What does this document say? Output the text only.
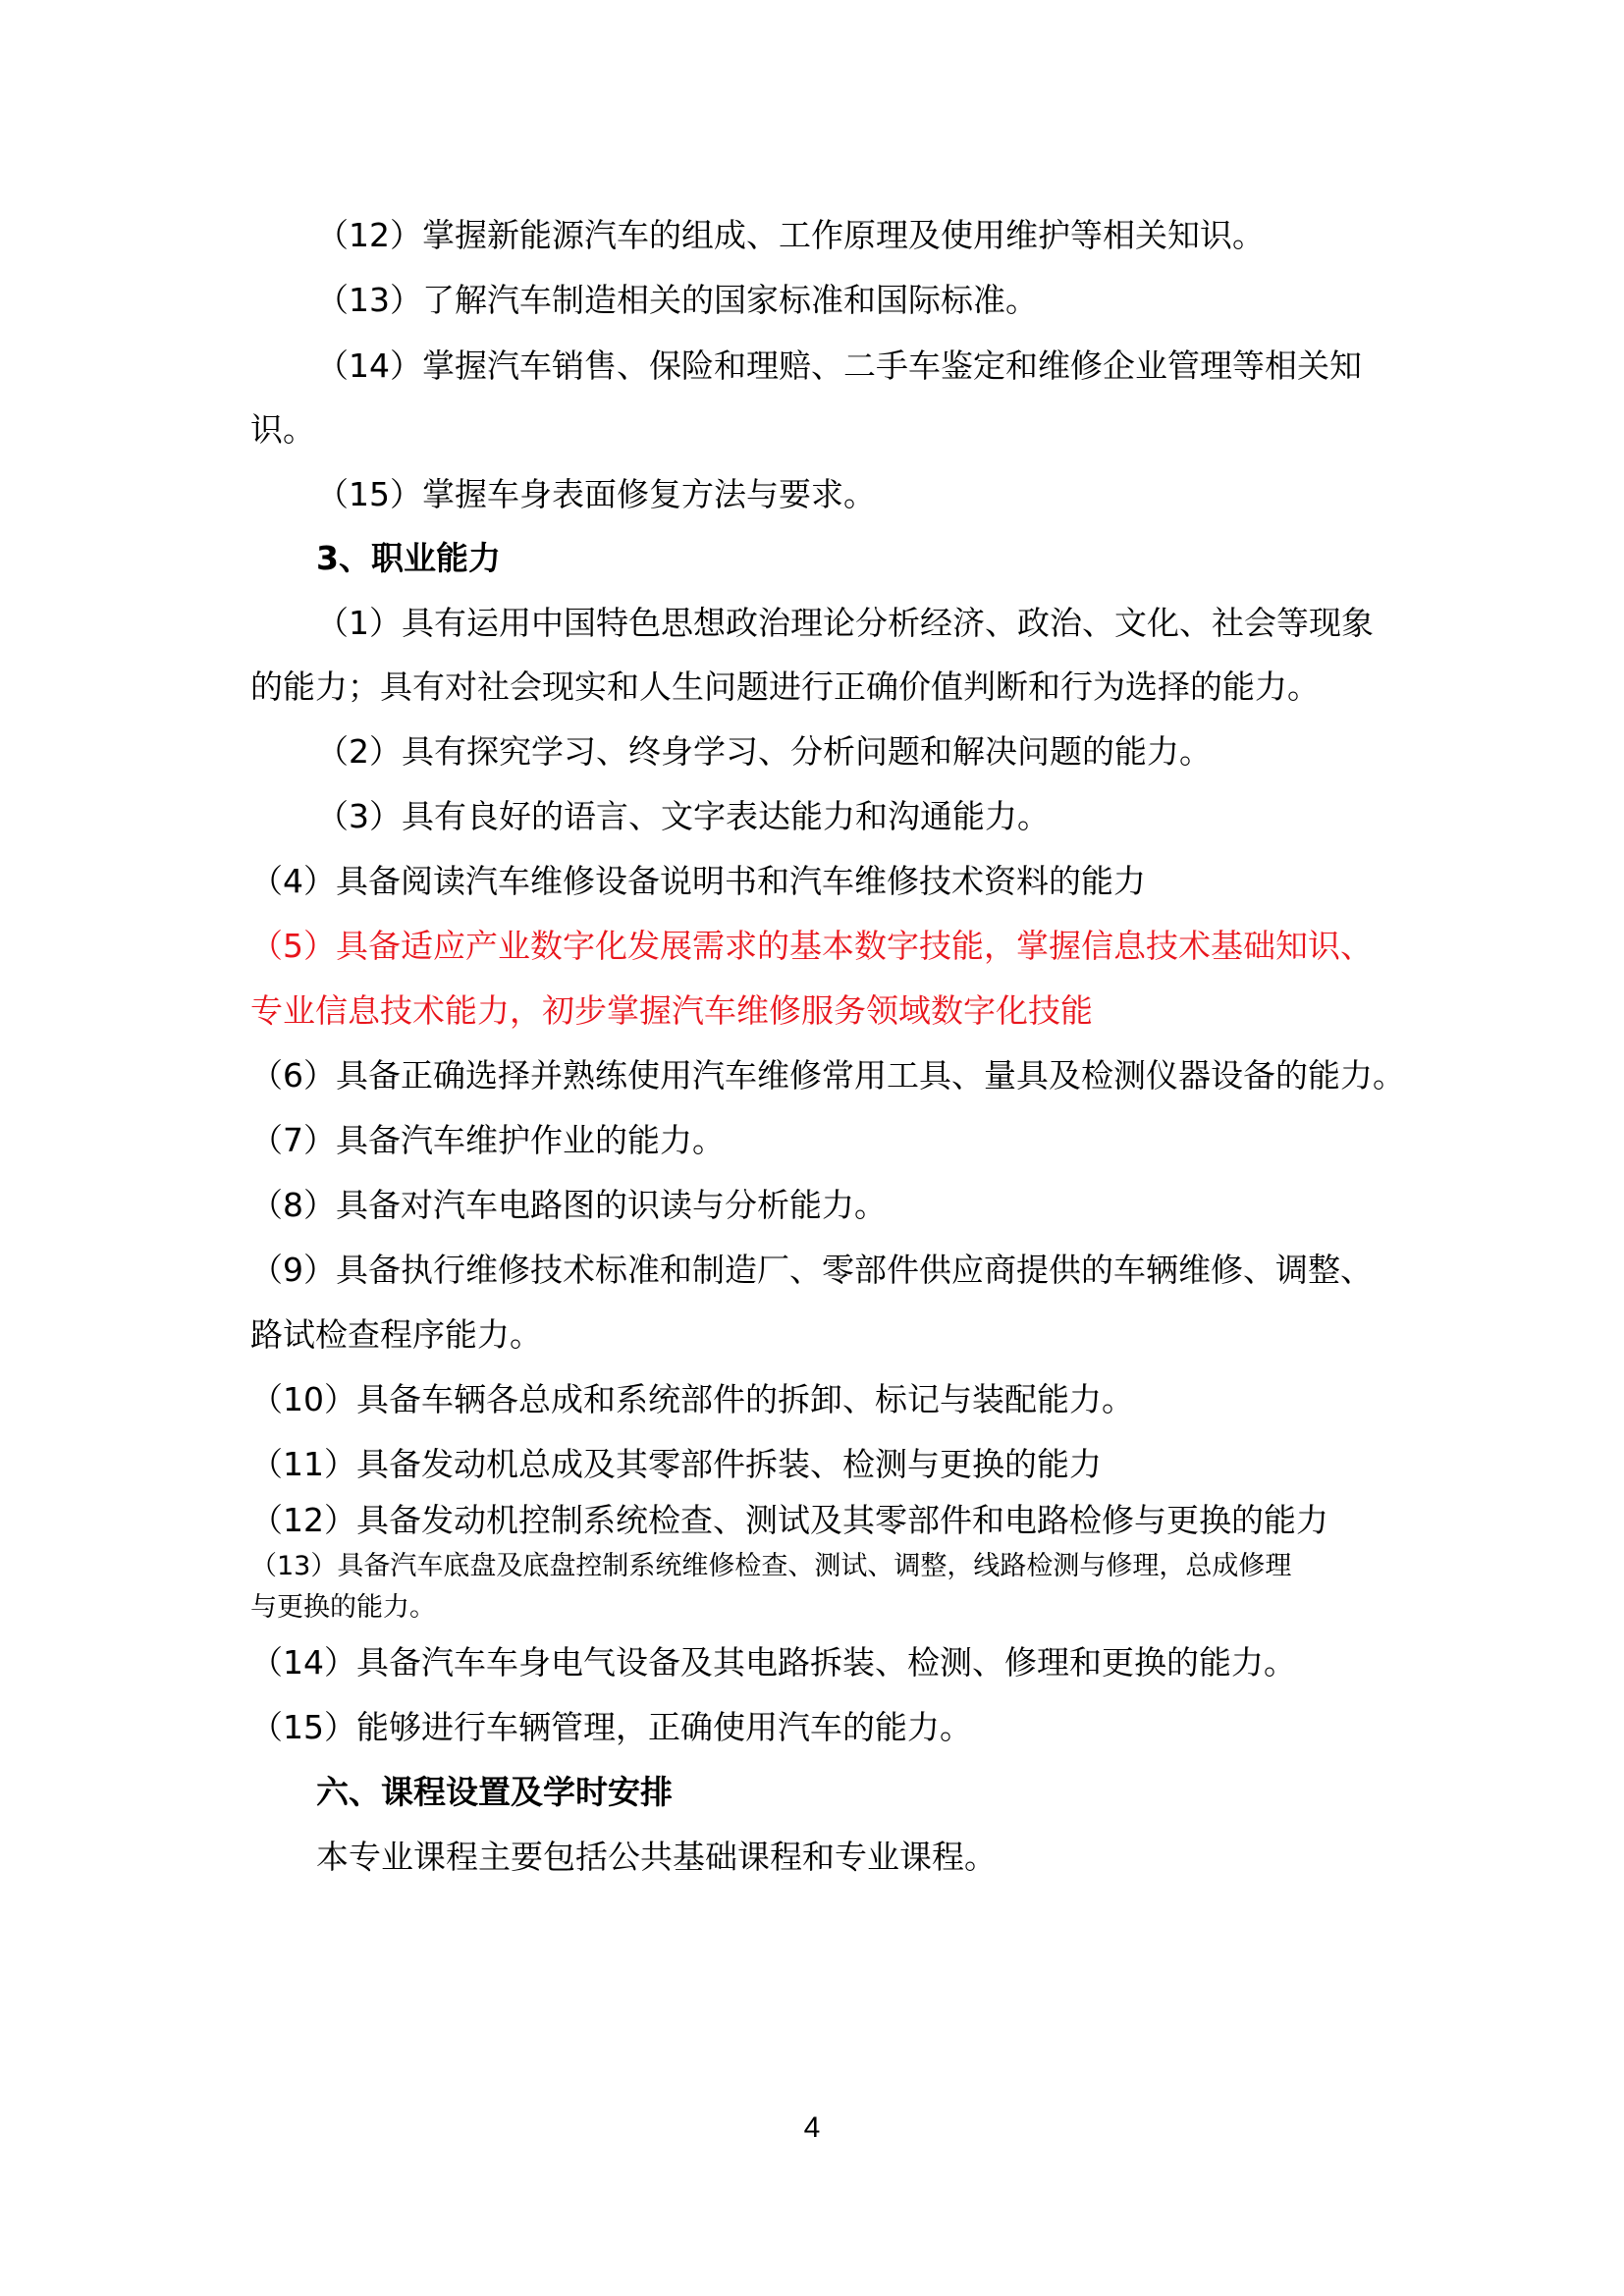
（12）掌握新能源汽车的组成、工作原理及使用维护等相关知识。
（13）了解汽车制造相关的国家标准和国际标准。
（14）掌握汽车销售、保险和理赔、二手车鉴定和维修企业管理等相关知
识。
（15）掌握车身表面修复方法与要求。
3、职业能力
（1）具有运用中国特色思想政治理论分析经济、政治、文化、社会等现象
的能力；具有对社会现实和人生问题进行正确价值判断和行为选择的能力。
（2）具有探究学习、终身学习、分析问题和解决问题的能力。
（3）具有良好的语言、文字表达能力和沟通能力。
（4）具备阅读汽车维修设备说明书和汽车维修技术资料的能力
（5）具备适应产业数字化发展需求的基本数字技能，掌握信息技术基础知识、
专业信息技术能力，初步掌握汽车维修服务领域数字化技能
（6）具备正确选择并熟练使用汽车维修常用工具、量具及检测仪器设备的能力。
（7）具备汽车维护作业的能力。
（8）具备对汽车电路图的识读与分析能力。
（9）具备执行维修技术标准和制造厂、零部件供应商提供的车辆维修、调整、
路试检查程序能力。
（10）具备车辆各总成和系统部件的拆卸、标记与装配能力。
（11）具备发动机总成及其零部件拆装、检测与更换的能力
（12）具备发动机控制系统检查、测试及其零部件和电路检修与更换的能力
（13）具备汽车底盘及底盘控制系统维修检查、测试、调整，线路检测与修理，总成修理
与更换的能力。
（14）具备汽车车身电气设备及其电路拆装、检测、修理和更换的能力。
（15）能够进行车辆管理，正确使用汽车的能力。
六、课程设置及学时安排
本专业课程主要包括公共基础课程和专业课程。
4
